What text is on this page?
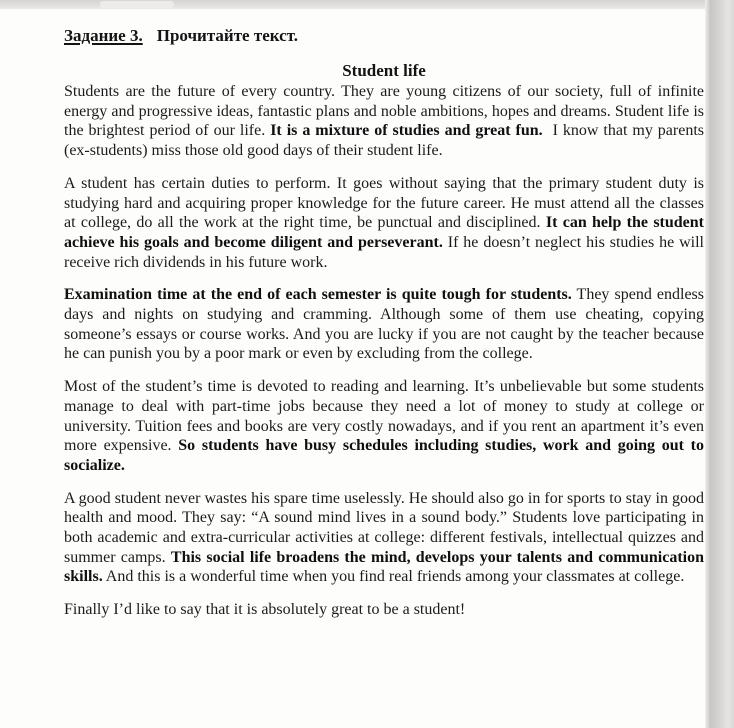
Задание 3. Прочитайте текст.

Student life

Students are the future of every country. They are young citizens of our society, full of infinite energy and progressive ideas, fantastic plans and noble ambitions, hopes and dreams. Student life is the brightest period of our life. It is a mixture of studies and great fun.  I know that my parents (ex-students) miss those old good days of their student life.

A student has certain duties to perform. It goes without saying that the primary student duty is studying hard and acquiring proper knowledge for the future career. He must attend all the classes at college, do all the work at the right time, be punctual and disciplined. It can help the student achieve his goals and become diligent and perseverant. If he doesn’t neglect his studies he will receive rich dividends in his future work.

Examination time at the end of each semester is quite tough for students. They spend endless days and nights on studying and cramming. Although some of them use cheating, copying someone’s essays or course works. And you are lucky if you are not caught by the teacher because he can punish you by a poor mark or even by excluding from the college.

Most of the student’s time is devoted to reading and learning. It’s unbelievable but some students manage to deal with part-time jobs because they need a lot of money to study at college or university. Tuition fees and books are very costly nowadays, and if you rent an apartment it’s even more expensive. So students have busy schedules including studies, work and going out to socialize.

A good student never wastes his spare time uselessly. He should also go in for sports to stay in good health and mood. They say: “A sound mind lives in a sound body.” Students love participating in both academic and extra-curricular activities at college: different festivals, intellectual quizzes and summer camps. This social life broadens the mind, develops your talents and communication skills. And this is a wonderful time when you find real friends among your classmates at college.

Finally I’d like to say that it is absolutely great to be a student!
